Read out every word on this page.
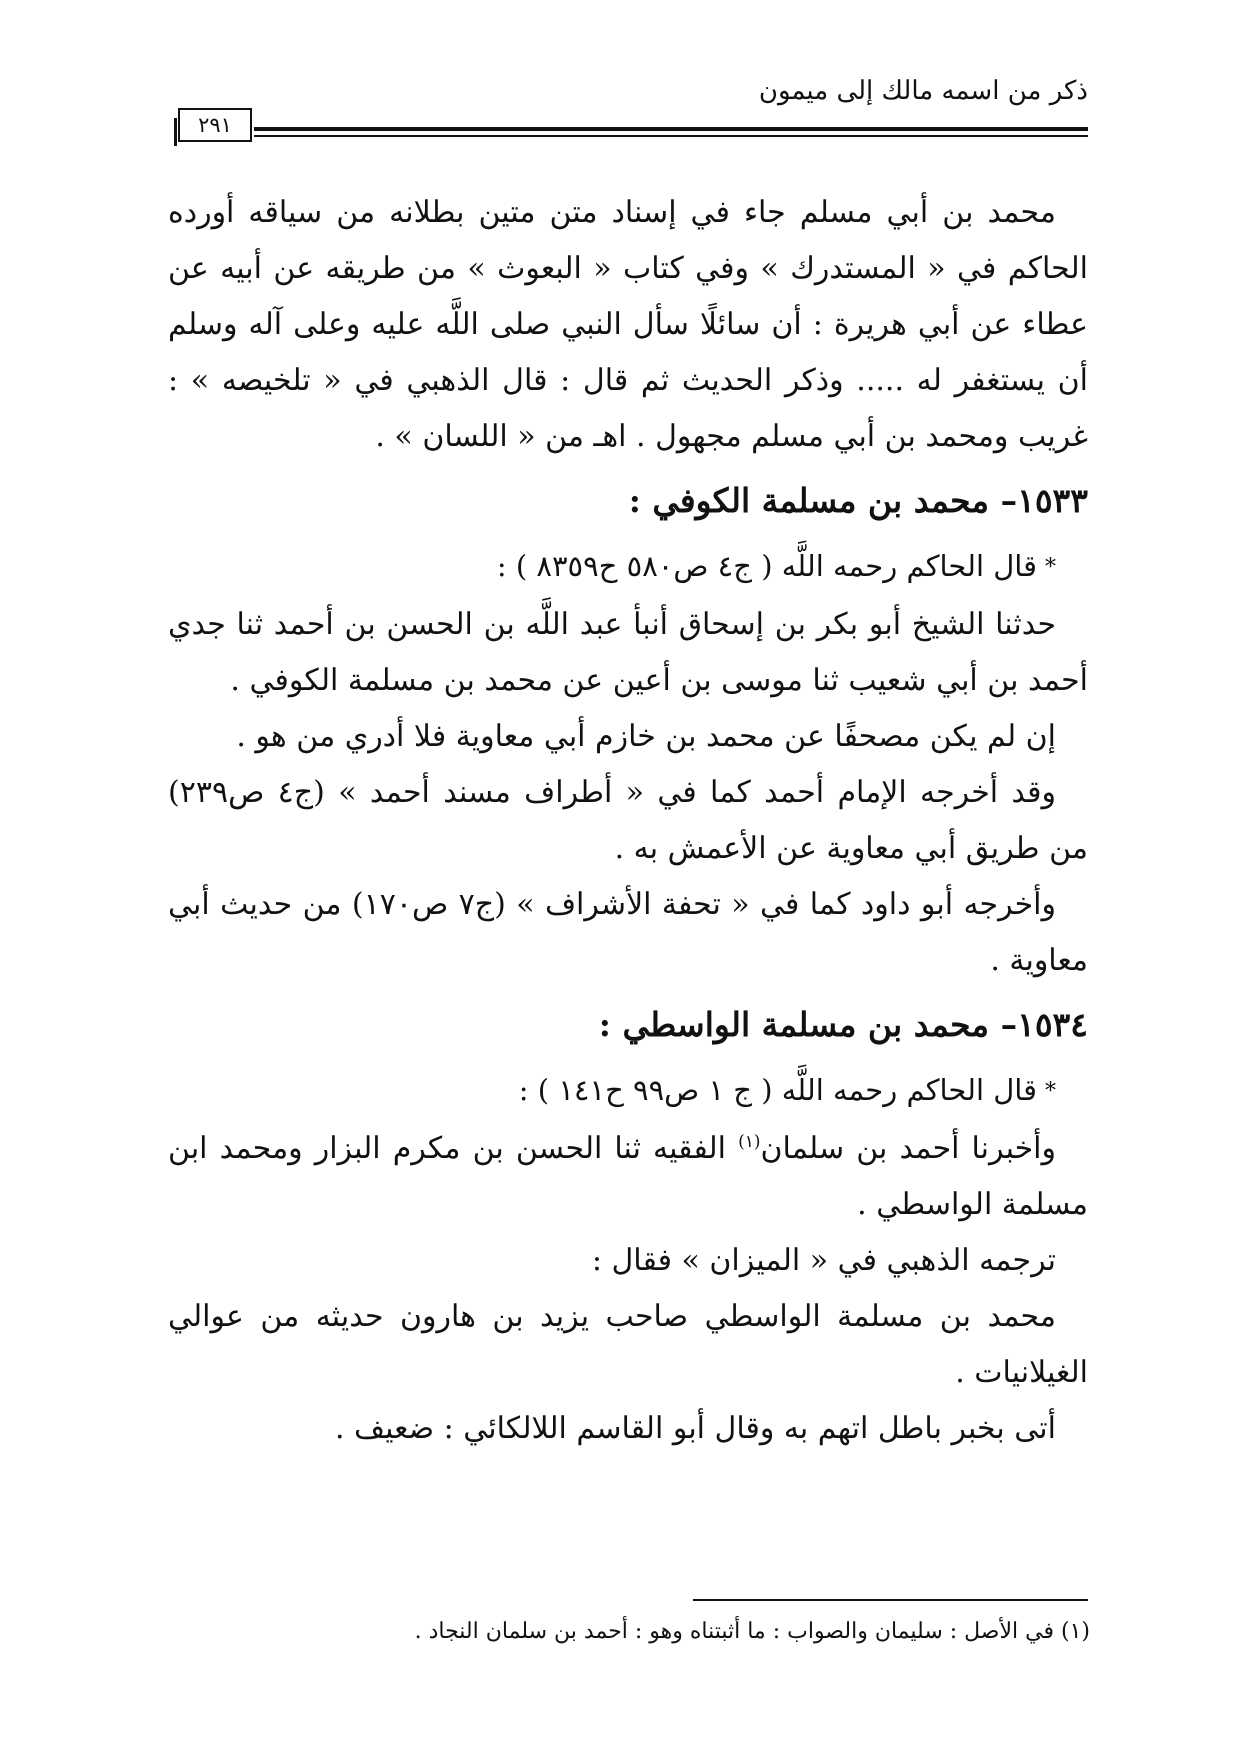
ذكر من اسمه مالك إلى ميمون
٢٩١

محمد بن أبي مسلم جاء في إسناد متن متين بطلانه من سياقه أورده الحاكم في « المستدرك » وفي كتاب « البعوث » من طريقه عن أبيه عن عطاء عن أبي هريرة : أن سائلًا سأل النبي صلى اللَّه عليه وعلى آله وسلم أن يستغفر له ..... وذكر الحديث ثم قال : قال الذهبي في « تلخيصه » : غريب ومحمد بن أبي مسلم مجهول . اهـ من « اللسان » .

١٥٣٣– محمد بن مسلمة الكوفي :

*قال الحاكم رحمه اللَّه ( ج٤ ص٥٨٠ ح٨٣٥٩ ) :

حدثنا الشيخ أبو بكر بن إسحاق أنبأ عبد اللَّه بن الحسن بن أحمد ثنا جدي أحمد بن أبي شعيب ثنا موسى بن أعين عن محمد بن مسلمة الكوفي .

إن لم يكن مصحفًا عن محمد بن خازم أبي معاوية فلا أدري من هو .

وقد أخرجه الإمام أحمد كما في « أطراف مسند أحمد » (ج٤ ص٢٣٩) من طريق أبي معاوية عن الأعمش به .

وأخرجه أبو داود كما في « تحفة الأشراف » (ج٧ ص١٧٠) من حديث أبي معاوية .

١٥٣٤– محمد بن مسلمة الواسطي :

*قال الحاكم رحمه اللَّه ( ج ١ ص٩٩ ح١٤١ ) :

وأخبرنا أحمد بن سلمان$^{(١)}$ الفقيه ثنا الحسن بن مكرم البزار ومحمد ابن مسلمة الواسطي .

ترجمه الذهبي في « الميزان » فقال :

محمد بن مسلمة الواسطي صاحب يزيد بن هارون حديثه من عوالي الغيلانيات .

أتى بخبر باطل اتهم به وقال أبو القاسم اللالكائي : ضعيف .

(١) في الأصل : سليمان والصواب : ما أثبتناه وهو : أحمد بن سلمان النجاد .
